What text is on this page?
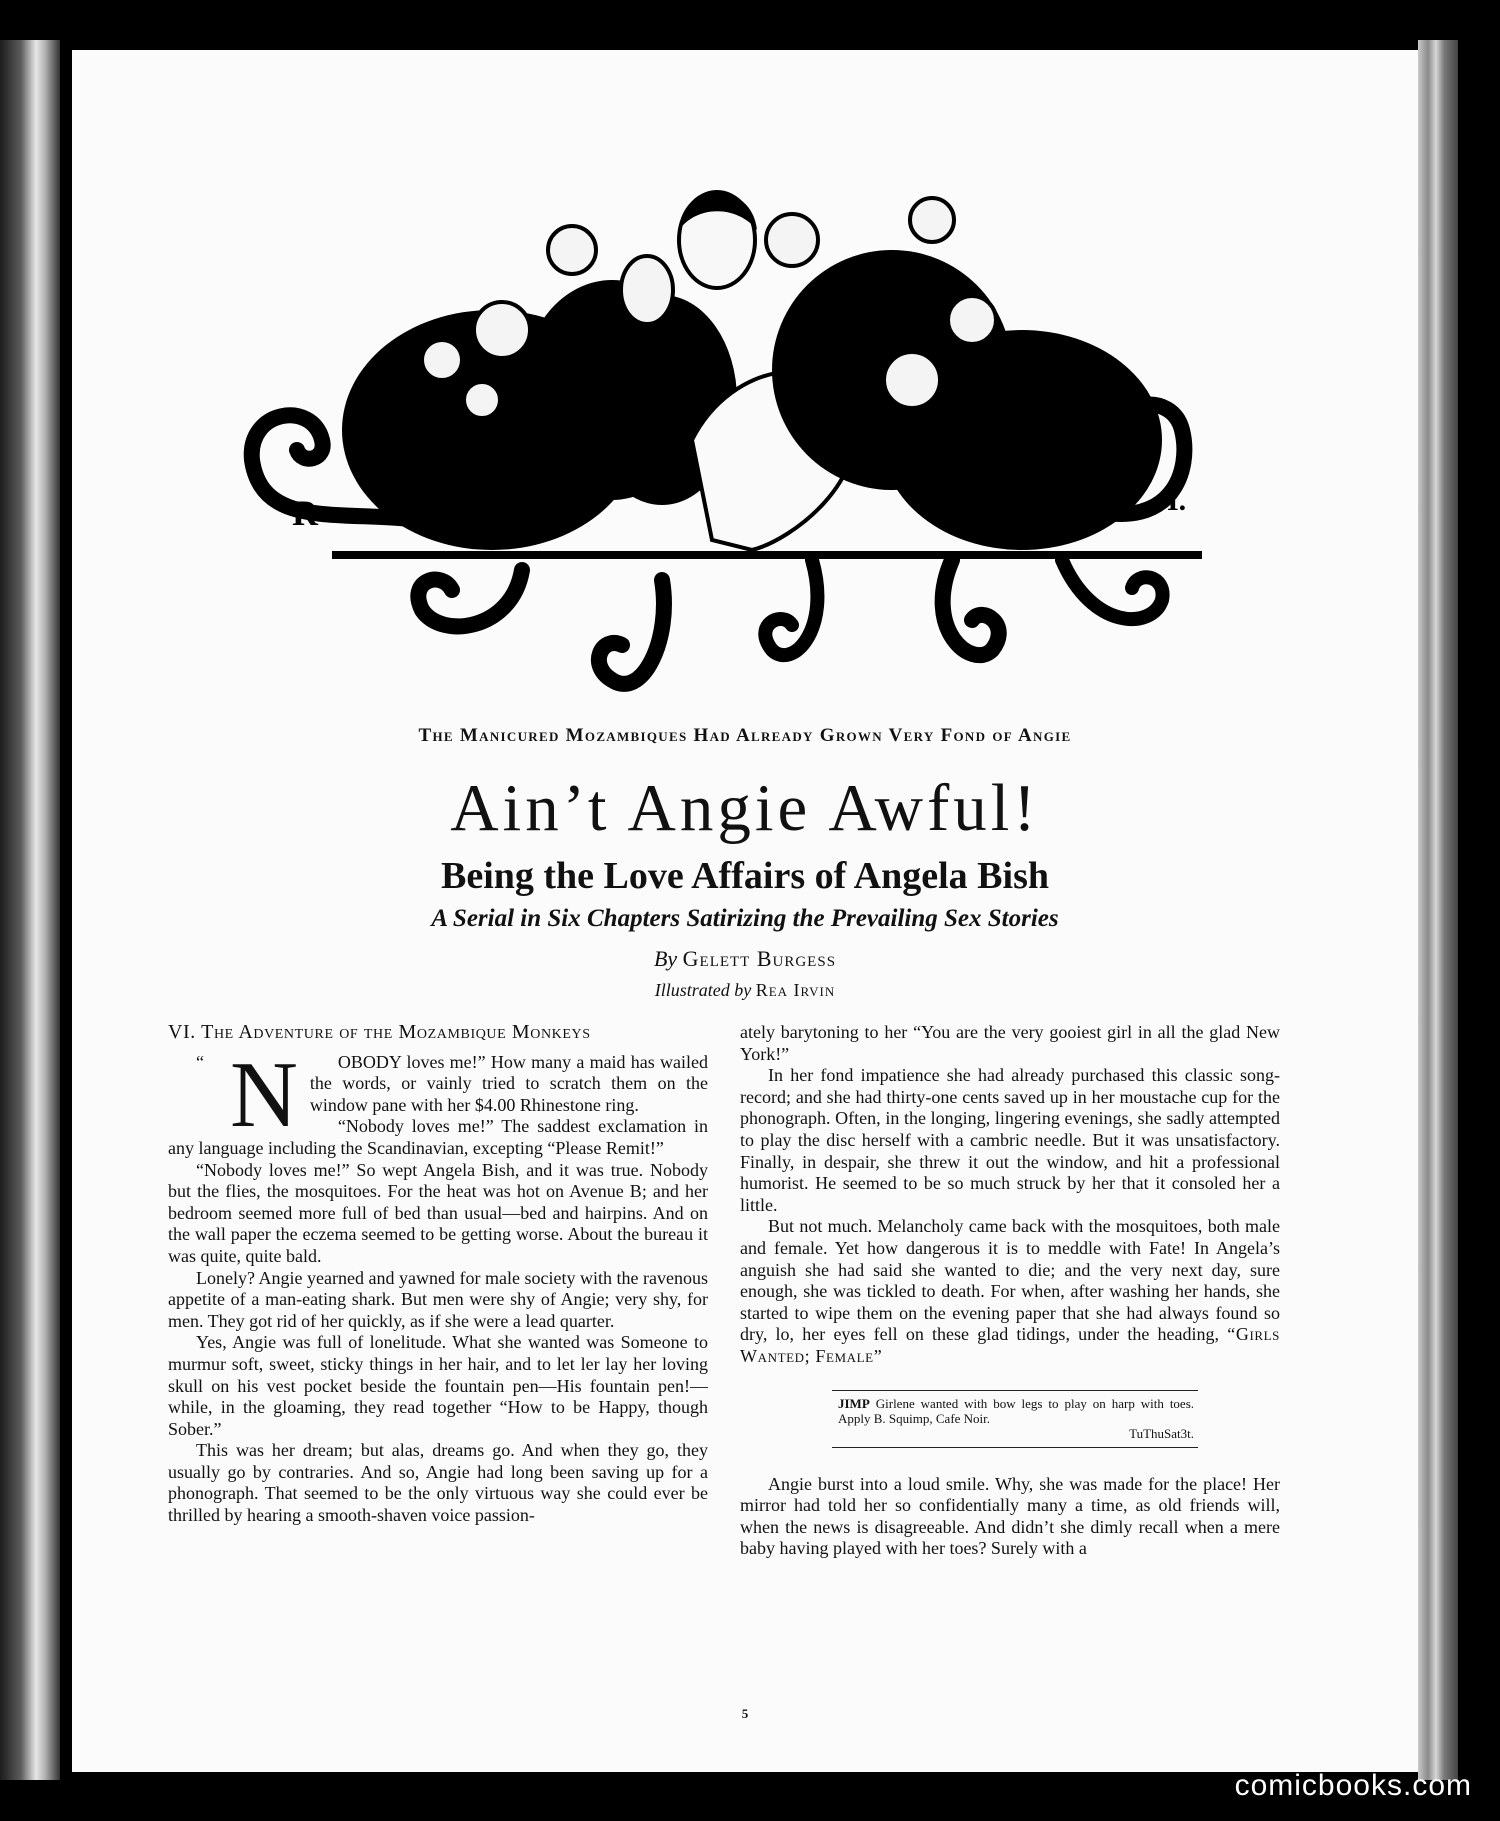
R	I.
The Manicured Mozambiques Had Already Grown Very Fond of Angie
Ain’t Angie Awful!
Being the Love Affairs of Angela Bish
A Serial in Six Chapters Satirizing the Prevailing Sex Stories
By Gelett Burgess
Illustrated by Rea Irvin
VI. The Adventure of the Mozambique Monkeys

“ N OBODY loves me!” How many a maid has wailed the words, or vainly tried to scratch them on the window pane with her $4.00 Rhinestone ring.

“Nobody loves me!” The saddest exclamation in any language including the Scandinavian, excepting “Please Remit!”

“Nobody loves me!” So wept Angela Bish, and it was true. Nobody but the flies, the mosquitoes. For the heat was hot on Avenue B; and her bedroom seemed more full of bed than usual—bed and hairpins. And on the wall paper the eczema seemed to be getting worse. About the bureau it was quite, quite bald.

Lonely? Angie yearned and yawned for male society with the ravenous appetite of a man-eating shark. But men were shy of Angie; very shy, for men. They got rid of her quickly, as if she were a lead quarter.

Yes, Angie was full of lonelitude. What she wanted was Someone to murmur soft, sweet, sticky things in her hair, and to let ler lay her loving skull on his vest pocket beside the fountain pen—His fountain pen!—while, in the gloaming, they read together “How to be Happy, though Sober.”

This was her dream; but alas, dreams go. And when they go, they usually go by contraries. And so, Angie had long been saving up for a phonograph. That seemed to be the only virtuous way she could ever be thrilled by hearing a smooth-shaven voice passion-

ately barytoning to her “You are the very gooiest girl in all the glad New York!”

In her fond impatience she had already purchased this classic song-record; and she had thirty-one cents saved up in her moustache cup for the phonograph. Often, in the longing, lingering evenings, she sadly attempted to play the disc herself with a cambric needle. But it was unsatisfactory. Finally, in despair, she threw it out the window, and hit a professional humorist. He seemed to be so much struck by her that it consoled her a little.

But not much. Melancholy came back with the mosquitoes, both male and female. Yet how dangerous it is to meddle with Fate! In Angela’s anguish she had said she wanted to die; and the very next day, sure enough, she was tickled to death. For when, after washing her hands, she started to wipe them on the evening paper that she had always found so dry, lo, her eyes fell on these glad tidings, under the heading, “Girls Wanted; Female”

JIMP Girlene wanted with bow legs to play on harp with toes. Apply B. Squimp, Cafe Noir.
TuThuSat3t.

Angie burst into a loud smile. Why, she was made for the place! Her mirror had told her so confidentially many a time, as old friends will, when the news is disagreeable. And didn’t she dimly recall when a mere baby having played with her toes? Surely with a

5
comicbooks.com
